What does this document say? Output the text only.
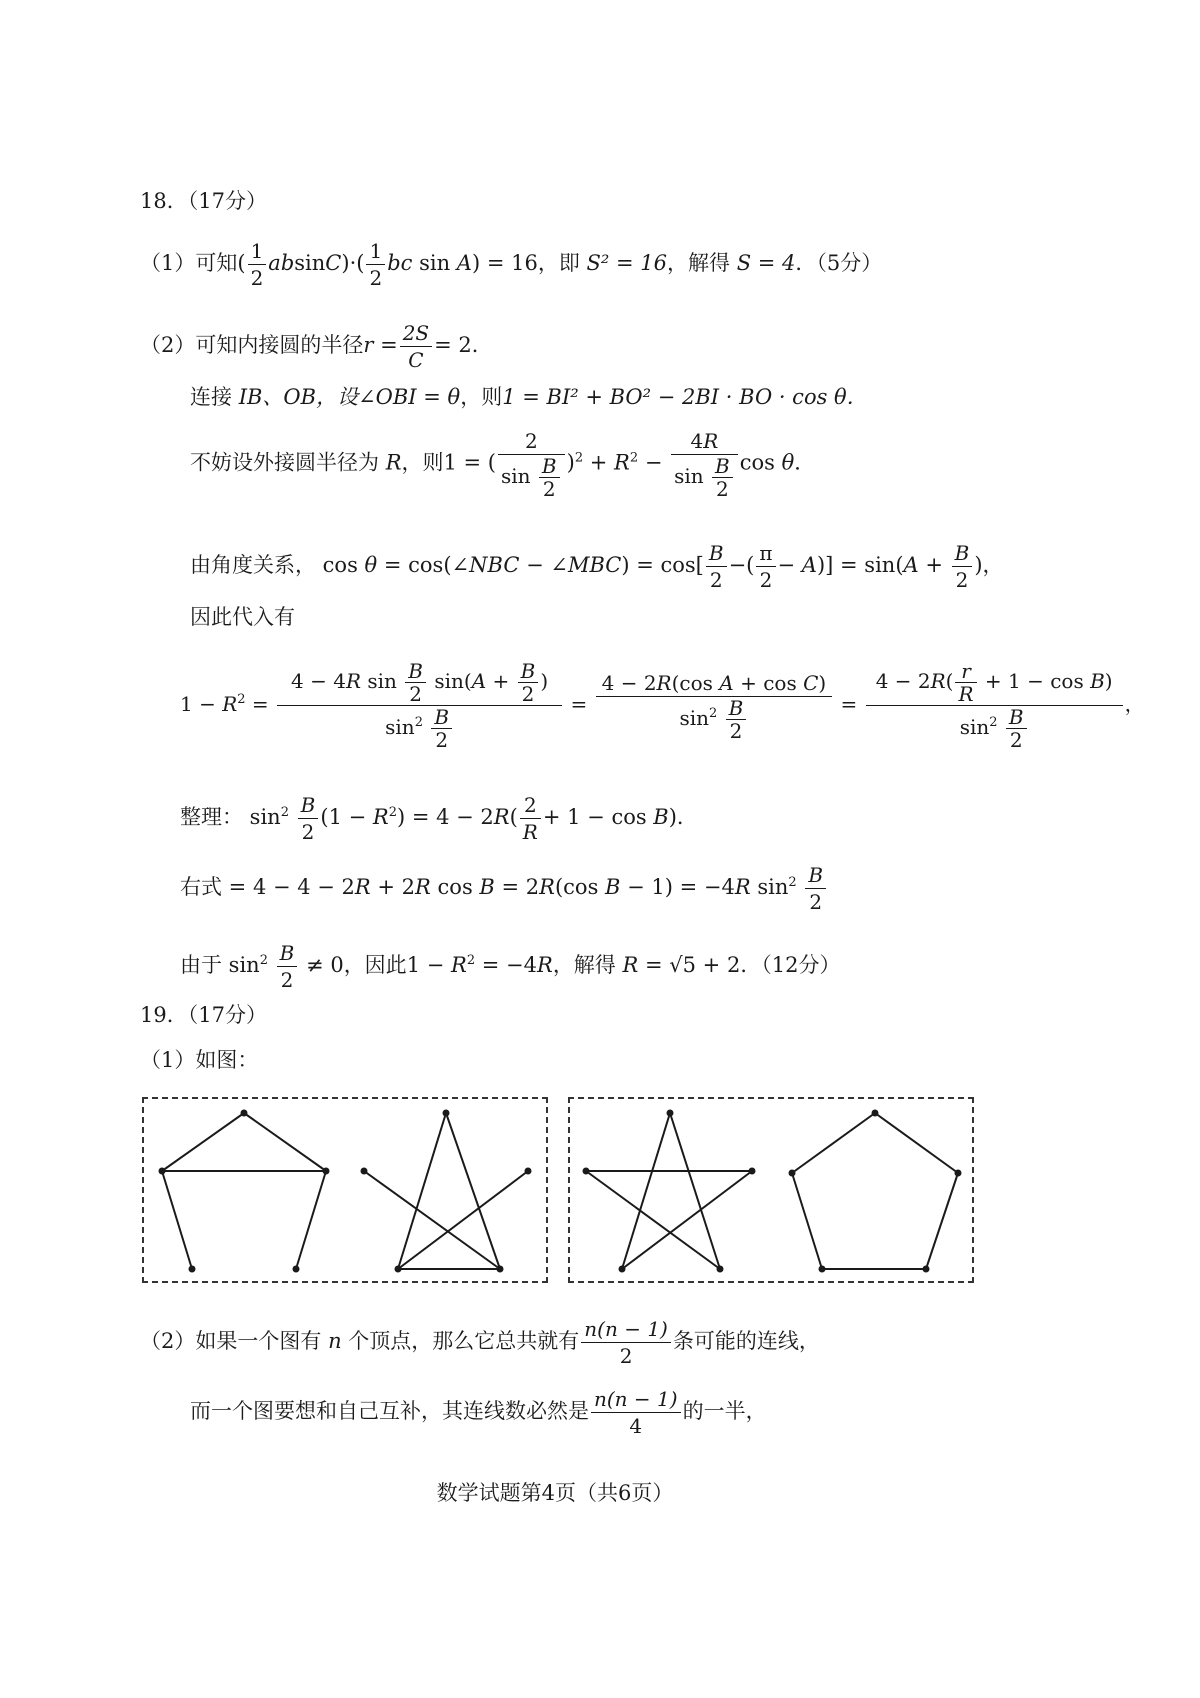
18．（17分）
（1）可知( $\frac{1}{2} absinC)\cdot( \frac{1}{2}$ bc sin A) = 16，即 S² = 16，解得 S = 4．（5分）
（2）可知内接圆的半径$r = \frac{2S}{C} = 2$．
连接 IB、OB，设∠OBI = θ，则1 = BI² + BO² − 2BI · BO · cos θ．
不妨设外接圆半径为 R，则1 = ( $\frac{2}{\sin \frac{B}{2}} )^2 + R^2 - \frac{4R}{\sin \frac{B}{2}}$ cos θ．
由角度关系， cos θ = cos(∠NBC − ∠MBC) = $\cos[ \frac{B}{2}$ −( $\frac{\pi}{2} - A)] = \sin(A + \frac{B}{2}$ )，
因此代入有
$1 - R^2 = \frac{4 - 4R \sin \frac{B}{2} \sin(A + \frac{B}{2} )}{\sin^2 \frac{B}{2}} = \frac{\text{4 − 2R(cos A + cos C)}}{\sin^2 \frac{B}{2}} = \frac{4 - 2R( \frac{r}{R} + 1 - \cos B)}{\sin^2 \frac{B}{2}}$ ，
整理： $\sin^2 \frac{B}{2} (1 - R^2) = 4 - 2R( \frac{2}{R} + 1 - \cos B)$．
右式 = 4 − 4 − 2R + 2R cos B = 2R(cos B − 1) = −4R $\sin^2 \frac{B}{2}$
由于 $\sin^2 \frac{B}{2} \ne 0$，因此$1 - R^2 = -4R$，解得 R = √5 + 2．（12分）
19．（17分）
（1）如图：
（2）如果一个图有 n 个顶点，那么它总共就有 $\frac{n(n - 1)}{2}$ 条可能的连线，
而一个图要想和自己互补，其连线数必然是 $\frac{n(n - 1)}{4}$ 的一半，
数学试题第4页（共6页）
